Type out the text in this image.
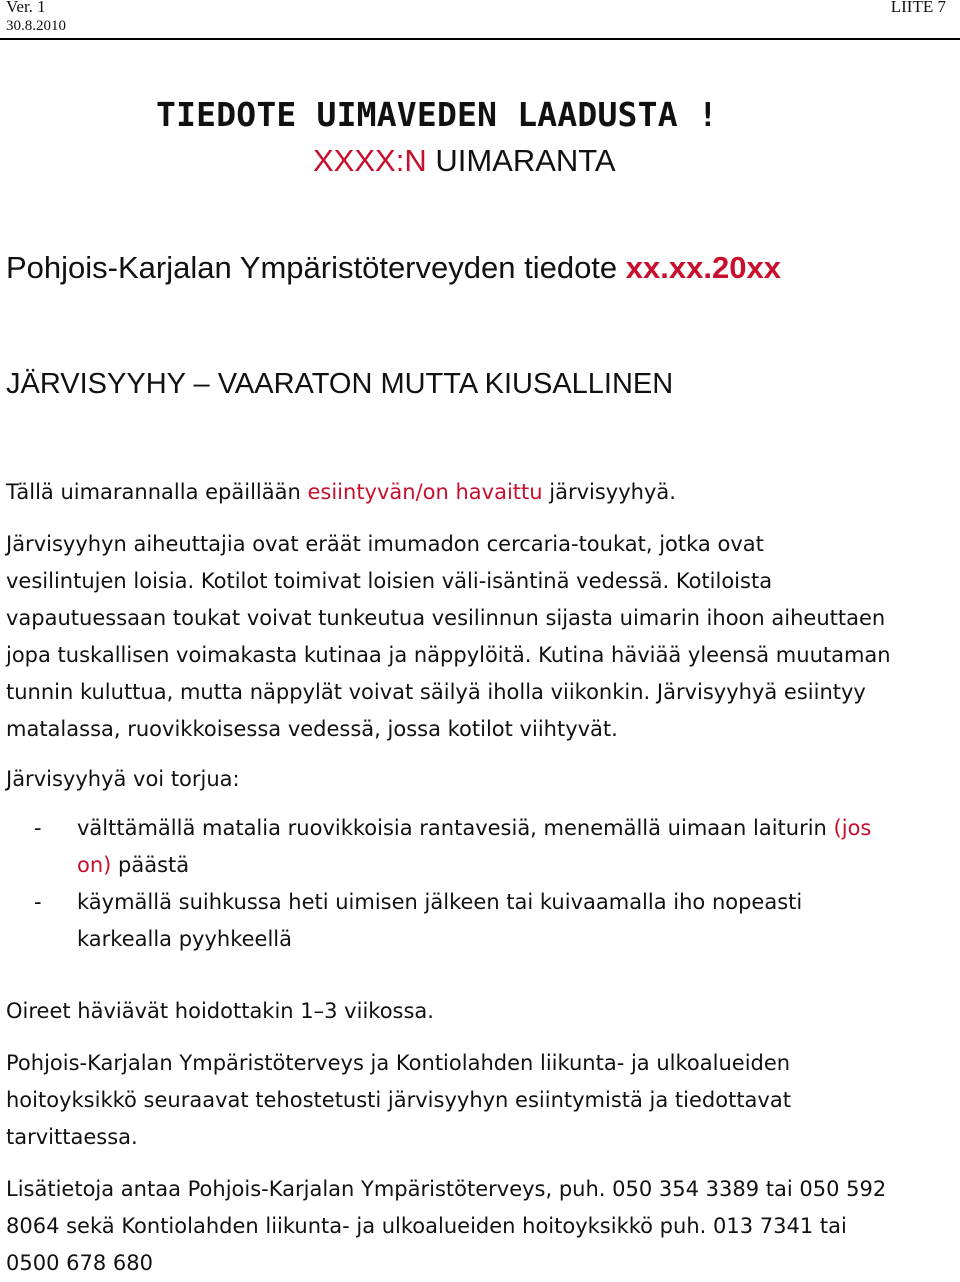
Ver. 1
30.8.2010
LIITE 7
TIEDOTE UIMAVEDEN LAADUSTA !
XXXX:N UIMARANTA
Pohjois-Karjalan Ympäristöterveyden tiedote xx.xx.20xx
JÄRVISYYHY – VAARATON MUTTA KIUSALLINEN

Tällä uimarannalla epäillään esiintyvän/on havaittu järvisyyhyä.

Järvisyyhyn aiheuttajia ovat eräät imumadon cercaria-toukat, jotka ovat
vesilintujen loisia. Kotilot toimivat loisien väli-isäntinä vedessä. Kotiloista
vapautuessaan toukat voivat tunkeutua vesilinnun sijasta uimarin ihoon aiheuttaen
jopa tuskallisen voimakasta kutinaa ja näppylöitä. Kutina häviää yleensä muutaman
tunnin kuluttua, mutta näppylät voivat säilyä iholla viikonkin. Järvisyyhyä esiintyy
matalassa, ruovikkoisessa vedessä, jossa kotilot viihtyvät.

Järvisyyhyä voi torjua:

- välttämällä matalia ruovikkoisia rantavesiä, menemällä uimaan laiturin (jos
on) päästä
- käymällä suihkussa heti uimisen jälkeen tai kuivaamalla iho nopeasti
karkealla pyyhkeellä

Oireet häviävät hoidottakin 1–3 viikossa.

Pohjois-Karjalan Ympäristöterveys ja Kontiolahden liikunta- ja ulkoalueiden
hoitoyksikkö seuraavat tehostetusti järvisyyhyn esiintymistä ja tiedottavat
tarvittaessa.
Lisätietoja antaa Pohjois-Karjalan Ympäristöterveys, puh. 050 354 3389 tai 050 592
8064 sekä Kontiolahden liikunta- ja ulkoalueiden hoitoyksikkö puh. 013 7341 tai
0500 678 680
